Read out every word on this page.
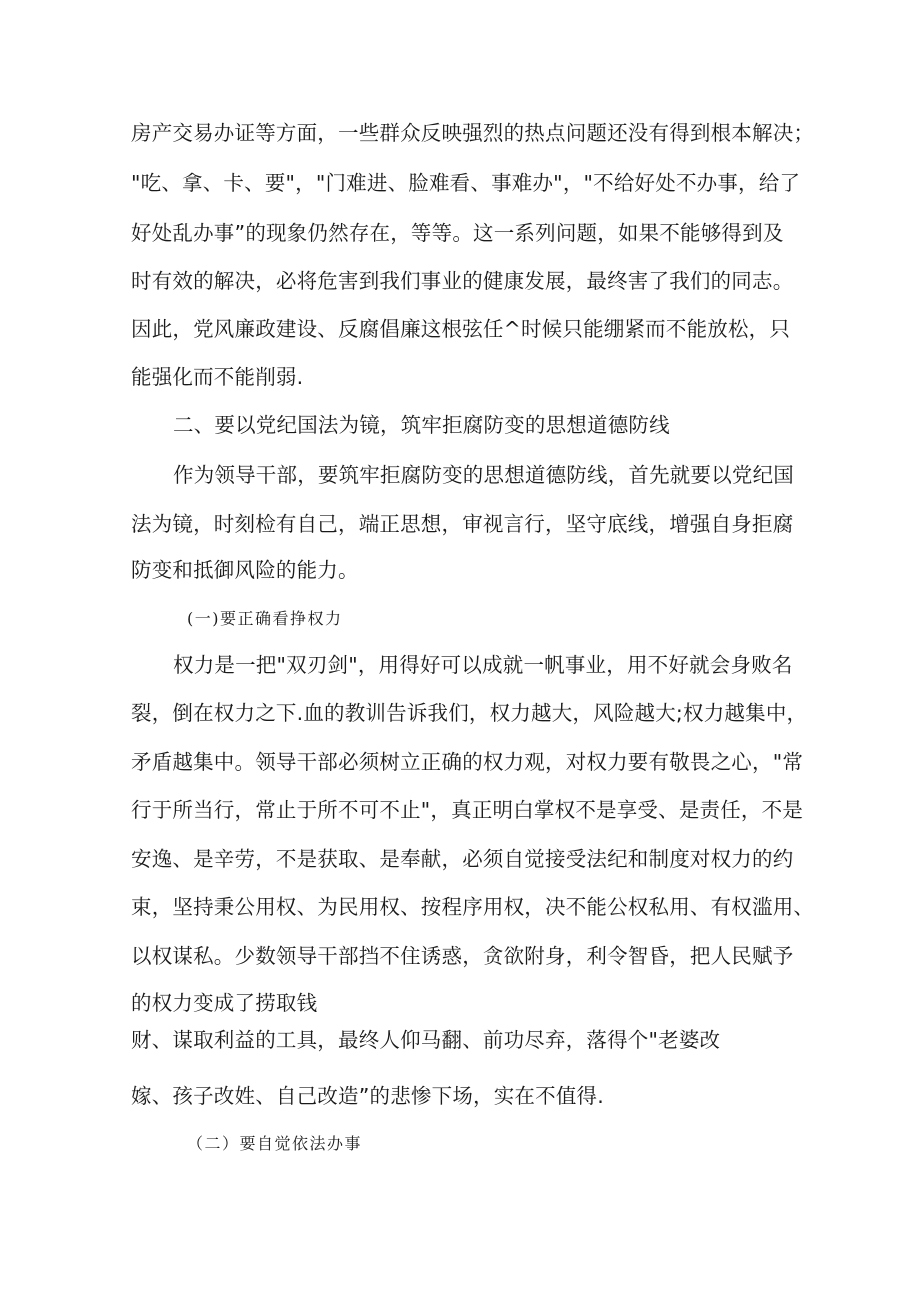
房产交易办证等方面，一些群众反映强烈的热点问题还没有得到根本解决；
"吃、拿、卡、要"，"门难进、脸难看、事难办"，"不给好处不办事，给了
好处乱办事”的现象仍然存在，等等。这一系列问题，如果不能够得到及
时有效的解决，必将危害到我们事业的健康发展，最终害了我们的同志。
因此，党风廉政建设、反腐倡廉这根弦任^时候只能绷紧而不能放松，只
能强化而不能削弱.
二、要以党纪国法为镜，筑牢拒腐防变的思想道德防线
作为领导干部，要筑牢拒腐防变的思想道德防线，首先就要以党纪国
法为镜，时刻检有自己，端正思想，审视言行，坚守底线，增强自身拒腐
防变和抵御风险的能力。
(一)要正确看挣权力
权力是一把"双刃剑"，用得好可以成就一帆事业，用不好就会身败名
裂，倒在权力之下.血的教训告诉我们，权力越大，风险越大;权力越集中，
矛盾越集中。领导干部必须树立正确的权力观，对权力要有敬畏之心，"常
行于所当行，常止于所不可不止"，真正明白掌权不是享受、是责任，不是
安逸、是辛劳，不是获取、是奉献，必须自觉接受法纪和制度对权力的约
束，坚持秉公用权、为民用权、按程序用权，决不能公权私用、有权滥用、
以权谋私。少数领导干部挡不住诱惑，贪欲附身，利令智昏，把人民赋予
的权力变成了捞取钱
财、谋取利益的工具，最终人仰马翻、前功尽弃，落得个"老婆改
嫁、孩子改姓、自己改造”的悲惨下场，实在不值得.
（二）要自觉依法办事
